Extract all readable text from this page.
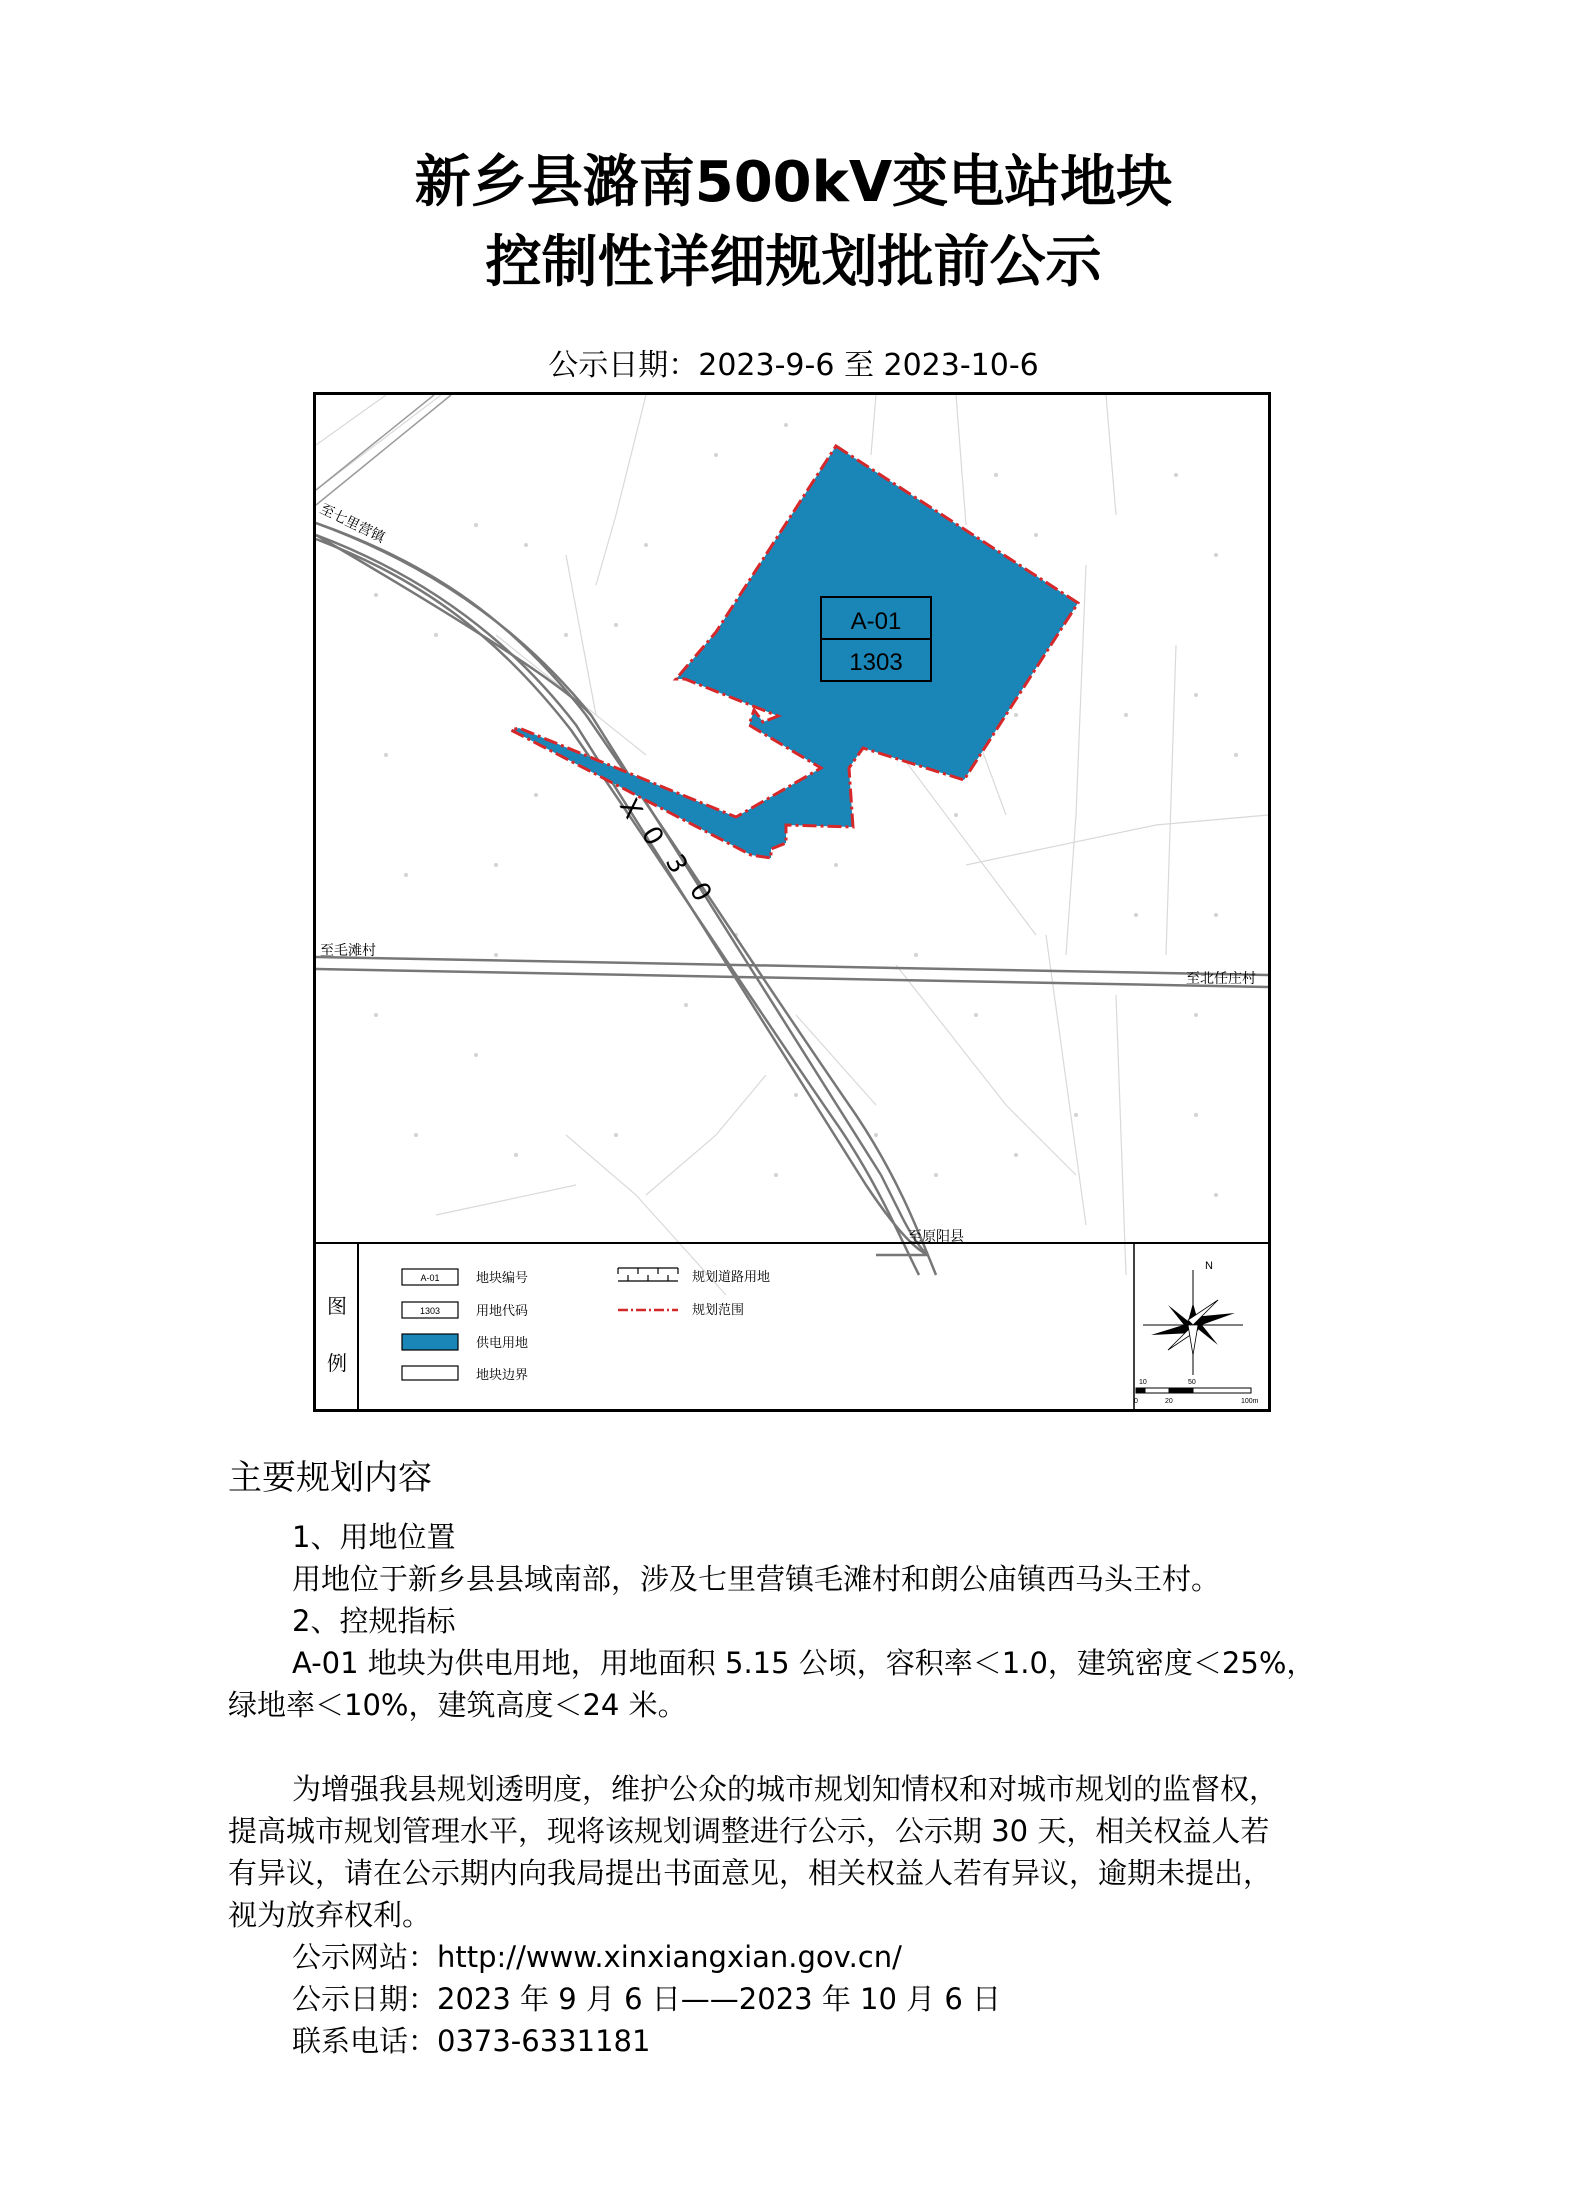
新乡县潞南500kV变电站地块
控制性详细规划批前公示
公示日期：2023-9-6 至 2023-10-6
A-01
1303
至七里营镇
至毛滩村
至北任庄村
至原阳县
X
0
3
0
图
例
A-01	地块编号
1303	用地代码
供电用地
地块边界
规划道路用地
规划范围
N
10	50
0	20	100m
主要规划内容
1、用地位置
用地位于新乡县县域南部，涉及七里营镇毛滩村和朗公庙镇西马头王村。
2、控规指标
A-01 地块为供电用地，用地面积 5.15 公顷，容积率＜1.0，建筑密度＜25%，
绿地率＜10%，建筑高度＜24 米。
为增强我县规划透明度，维护公众的城市规划知情权和对城市规划的监督权，
提高城市规划管理水平，现将该规划调整进行公示，公示期 30 天，相关权益人若
有异议，请在公示期内向我局提出书面意见，相关权益人若有异议，逾期未提出，
视为放弃权利。
公示网站：http://www.xinxiangxian.gov.cn/
公示日期：2023 年 9 月 6 日——2023 年 10 月 6 日
联系电话：0373-6331181
